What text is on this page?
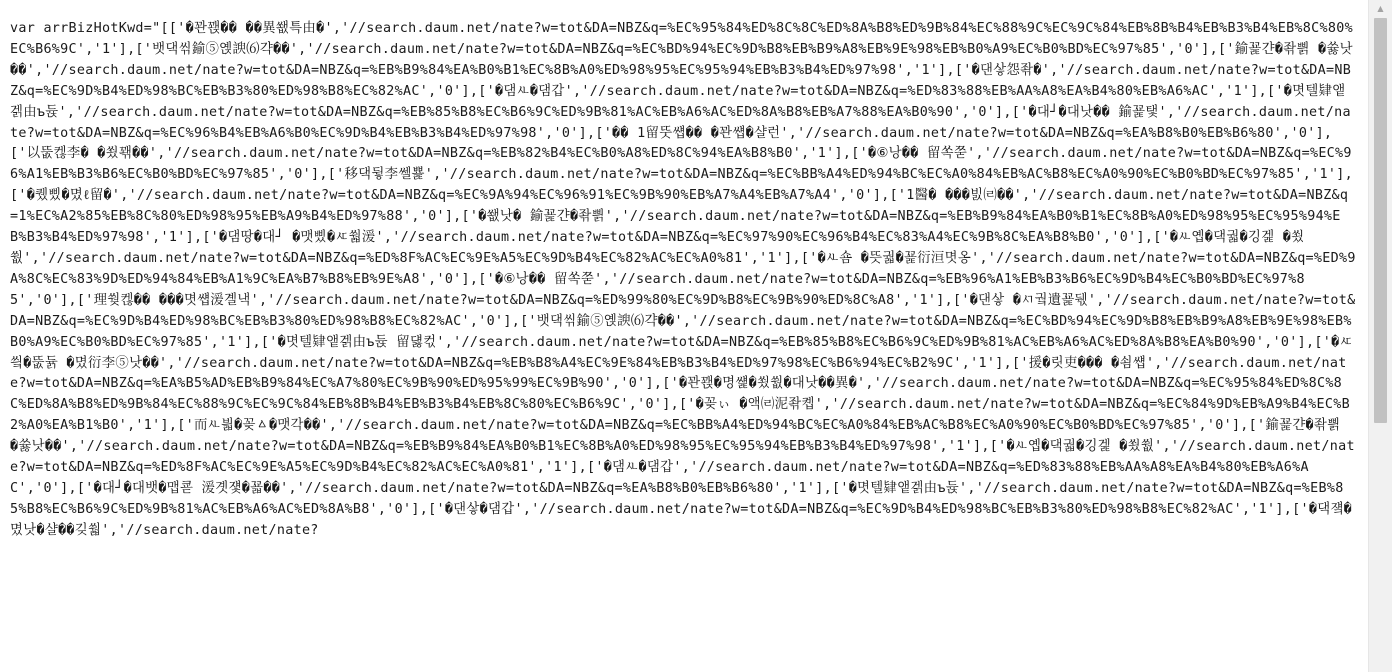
var arrBizHotKwd="[['�꽌꽩�� ��異쐢특由�','//search.daum.net/nate?w=tot&DA=NBZ&q=%EC%95%84%ED%8C%8C%ED%8A%B8%ED%9B%84%EC%88%9C%EC%9C%84%EB%8B%B4%EB%B3%B4%EB%8C%80%EC%B6%9C','1'],['뱃댁씪鍮⑤옍諛⑹갹��','//search.daum.net/nate?w=tot&DA=NBZ&q=%EC%BD%94%EC%9D%B8%EB%B9%A8%EB%9E%98%EB%B0%A9%EC%B0%BD%EC%97%85','0'],['鍮꾩갼�좎쁽 �쓣낫��','//search.daum.net/nate?w=tot&DA=NBZ&q=%EB%B9%84%EA%B0%B1%EC%8B%A0%ED%98%95%EC%95%94%EB%B3%B4%ED%97%98','1'],['�댄샇怨좎�','//search.daum.net/nate?w=tot&DA=NBZ&q=%EC%9D%B4%ED%98%BC%EB%B3%80%ED%98%B8%EC%82%AC','0'],['�댐ㅻ�댐갑','//search.daum.net/nate?w=tot&DA=NBZ&q=%ED%83%88%EB%AA%A8%EA%B4%80%EB%A6%AC','1'],['�몃텔肄앹겕由ъ듅','//search.daum.net/nate?w=tot&DA=NBZ&q=%EB%85%B8%EC%B6%9C%ED%9B%81%AC%EB%A6%AC%ED%8A%B8%EB%A7%88%EA%B0%90','0'],['�대┘�대낫�� 鍮꾩탳','//search.daum.net/nate?w=tot&DA=NBZ&q=%EC%96%B4%EB%A6%B0%EC%9D%B4%EB%B3%B4%ED%97%98','0'],['�� 1留뚯썝�� �꽌썝�샬런','//search.daum.net/nate?w=tot&DA=NBZ&q=%EA%B8%B0%EB%B6%80','0'],['以뚮켆李� �쑀꽦��','//search.daum.net/nate?w=tot&DA=NBZ&q=%EB%82%B4%EC%B0%A8%ED%8C%94%EA%B8%B0','1'],['�⑥낭�� 留쏙쭏','//search.daum.net/nate?w=tot&DA=NBZ&q=%EC%96%A1%EB%B3%B6%EC%B0%BD%EC%97%85','0'],['移댁뒿李쎌뾽','//search.daum.net/nate?w=tot&DA=NBZ&q=%EC%BB%A4%ED%94%BC%EC%A0%84%EB%AC%B8%EC%A0%90%EC%B0%BD%EC%97%85','1'],['�퀬삤�몄ℓ留�','//search.daum.net/nate?w=tot&DA=NBZ&q=%EC%9A%94%EC%96%91%EC%9B%90%EB%A7%A4%EB%A7%A4','0'],['1醫� ���빐㈃��','//search.daum.net/nate?w=tot&DA=NBZ&q=1%EC%A2%85%EB%8C%80%ED%98%95%EB%A9%B4%ED%97%88','0'],['�쐢낫� 鍮꾩갼�좎쁽','//search.daum.net/nate?w=tot&DA=NBZ&q=%EB%B9%84%EA%B0%B1%EC%8B%A0%ED%98%95%EC%95%94%EB%B3%B4%ED%97%98','1'],['�댐땅�대┘ �맷삤�ㅼ쒋湲','//search.daum.net/nate?w=tot&DA=NBZ&q=%EC%97%90%EC%96%B4%EC%83%A4%EC%9B%8C%EA%B8%B0','0'],['�ㅻ옙�댁궓�깅겙 �쑀쒒','//search.daum.net/nate?w=tot&DA=NBZ&q=%ED%8F%AC%EC%9E%A5%EC%9D%B4%EC%82%AC%EC%A0%81','1'],['�ㅻ숌 �뜻궓�꾩衍洹몃옹','//search.daum.net/nate?w=tot&DA=NBZ&q=%ED%9A%8C%EC%83%9D%ED%94%84%EB%A1%9C%EA%B7%B8%EB%9E%A8','0'],['�⑥낭�� 留쏙쭏','//search.daum.net/nate?w=tot&DA=NBZ&q=%EB%96%A1%EB%B3%B6%EC%9D%B4%EC%B0%BD%EC%97%85','0'],['理쒖켆�� ���몃썝湲곌낵','//search.daum.net/nate?w=tot&DA=NBZ&q=%ED%99%80%EC%9D%B8%EC%9B%90%ED%8C%A8','1'],['�댄샇 �ㅺ궠遺꾩뒋','//search.daum.net/nate?w=tot&DA=NBZ&q=%EC%9D%B4%ED%98%BC%EB%B3%80%ED%98%B8%EC%82%AC','0'],['뱃댁씪鍮⑤옍諛⑹갹��','//search.daum.net/nate?w=tot&DA=NBZ&q=%EC%BD%94%EC%9D%B8%EB%B9%A8%EB%9E%98%EB%B0%A9%EC%B0%BD%EC%97%85','1'],['�몃텔肄앹겕由ъ듅 留덇컧','//search.daum.net/nate?w=tot&DA=NBZ&q=%EB%85%B8%EC%B6%9C%ED%9B%81%AC%EB%A6%AC%ED%8A%B8%EA%B0%90','0'],['�ㅼ씤�뚮듉 �몄衍李⑤낫��','//search.daum.net/nate?w=tot&DA=NBZ&q=%EB%B8%A4%EC%9E%84%EB%B3%B4%ED%97%98%EC%B6%94%EC%B2%9C','1'],['援�릿吏��� �쇰썝','//search.daum.net/nate?w=tot&DA=NBZ&q=%EA%B5%AD%EB%B9%84%EC%A7%80%EC%9B%90%ED%95%99%EC%9B%90','0'],['�꽌꽩�명썙�쑀쒒�대낫��異�','//search.daum.net/nate?w=tot&DA=NBZ&q=%EC%95%84%ED%8C%8C%ED%8A%B8%ED%9B%84%EC%88%9C%EC%9C%84%EB%8B%B4%EB%B3%B4%EB%8C%80%EC%B6%9C','0'],['�꽂ぃ �액㈃泥좎콉','//search.daum.net/nate?w=tot&DA=NBZ&q=%EC%84%9D%EB%A9%B4%EC%B2%A0%EA%B1%B0','1'],['而ㅻ븳�꽂ㅿ�맷각��','//search.daum.net/nate?w=tot&DA=NBZ&q=%EC%BB%A4%ED%94%BC%EC%A0%84%EB%AC%B8%EC%A0%90%EC%B0%BD%EC%97%85','0'],['鍮꾩갼�좎쁽 �쓣낫��','//search.daum.net/nate?w=tot&DA=NBZ&q=%EB%B9%84%EA%B0%B1%EC%8B%A0%ED%98%95%EC%95%94%EB%B3%B4%ED%97%98','1'],['�ㅻ옙�댁궓�깅겙 �쑀쒒','//search.daum.net/nate?w=tot&DA=NBZ&q=%ED%8F%AC%EC%9E%A5%EC%9D%B4%EC%82%AC%EC%A0%81','1'],['�댐ㅻ�댐갑','//search.daum.net/nate?w=tot&DA=NBZ&q=%ED%83%88%EB%AA%A8%EA%B4%80%EB%A6%AC','0'],['�대┘�대뱃�맵쿋 湲곗쟻�꾧��','//search.daum.net/nate?w=tot&DA=NBZ&q=%EA%B8%B0%EB%B6%80','1'],['�몃텔肄앹겕由ъ듅','//search.daum.net/nate?w=tot&DA=NBZ&q=%EB%85%B8%EC%B6%9C%ED%9B%81%AC%EB%A6%AC%ED%8A%B8','0'],['�댄샇�댐갑','//search.daum.net/nate?w=tot&DA=NBZ&q=%EC%9D%B4%ED%98%BC%EB%B3%80%ED%98%B8%EC%82%AC','1'],['�댁쟼�몄낫�샬��깆쒋','//search.daum.net/nate?
▲
